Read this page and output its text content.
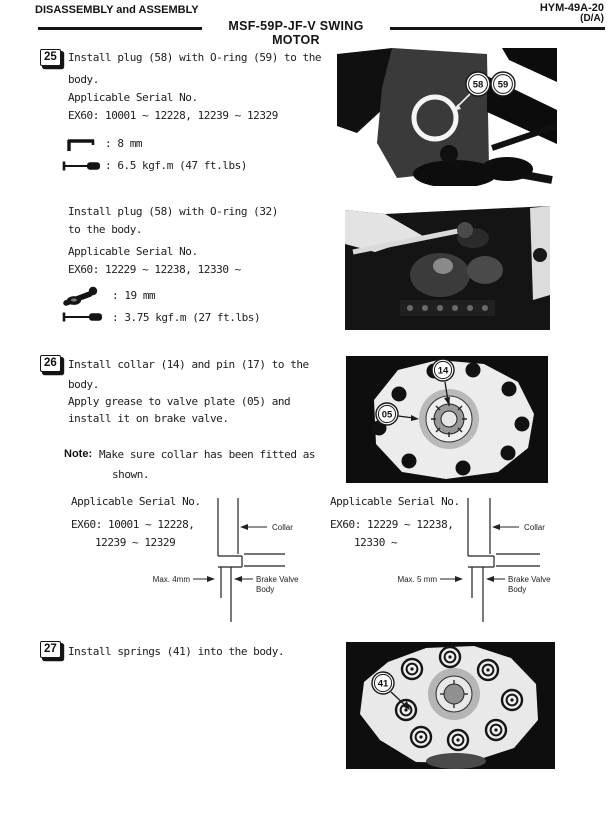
DISASSEMBLY and ASSEMBLY	HYM-49A-20
(D/A)
MSF-59P-JF-V SWING MOTOR
25	Install plug (58) with O-ring (59) to the
body.
Applicable Serial No.
EX60: 10001 ~ 12228, 12239 ~ 12329
: 8 mm
: 6.5 kgf.m (47 ft.lbs)
Install plug (58) with O-ring (32)
to the body.
Applicable Serial No.
EX60: 12229 ~ 12238, 12330 ~
: 19 mm
: 3.75 kgf.m (27 ft.lbs)
26	Install collar (14) and pin (17) to the
body.
Apply grease to valve plate (05) and
install it on brake valve.
Note: Make sure collar has been fitted as
shown.
Applicable Serial No.
EX60: 10001 ~ 12228,
12239 ~ 12329
Collar
Max. 4mm	Brake Valve
Body
Applicable Serial No.
EX60: 12229 ~ 12238,
12330 ~
Collar
Max. 5 mm	Brake Valve
Body
27	Install springs (41) into the body.
58 59
14
05
41
